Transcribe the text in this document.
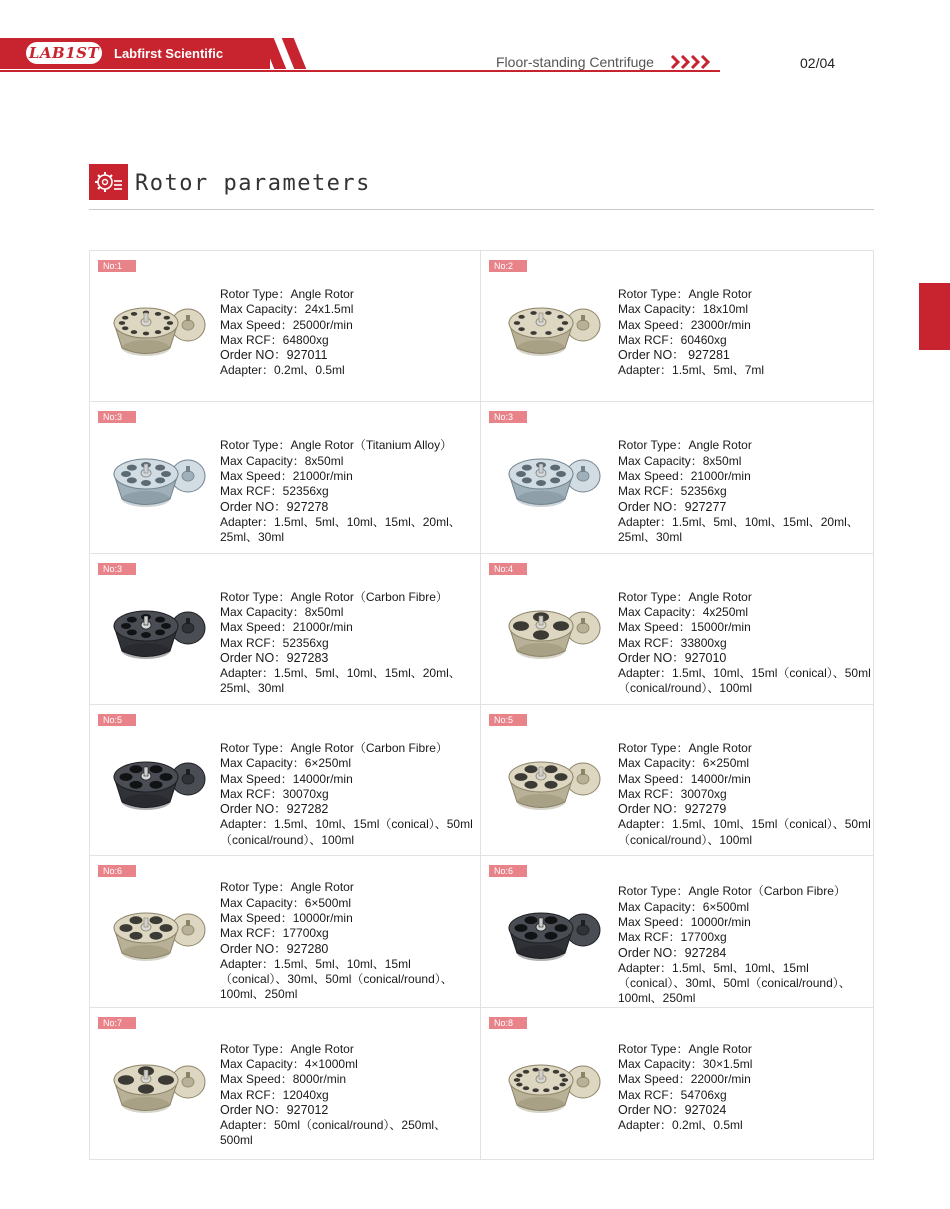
LAB1ST Labfirst Scientific
Floor-standing Centrifuge	02/04
Rotor parameters
No:1
Rotor Type：Angle Rotor
Max Capacity：24x1.5ml
Max Speed：25000r/min
Max RCF：64800xg
Order NO：927011
Adapter：0.2ml、0.5ml
No:2
Rotor Type：Angle Rotor
Max Capacity：18x10ml
Max Speed：23000r/min
Max RCF：60460xg
Order NO： 927281
Adapter：1.5ml、5ml、7ml
No:3
Rotor Type：Angle Rotor（Titanium Alloy）
Max Capacity：8x50ml
Max Speed：21000r/min
Max RCF：52356xg
Order NO：927278
Adapter：1.5ml、5ml、10ml、15ml、20ml、25ml、30ml
No:3
Rotor Type：Angle Rotor
Max Capacity：8x50ml
Max Speed：21000r/min
Max RCF：52356xg
Order NO：927277
Adapter：1.5ml、5ml、10ml、15ml、20ml、25ml、30ml
No:3
Rotor Type：Angle Rotor（Carbon Fibre）
Max Capacity：8x50ml
Max Speed：21000r/min
Max RCF：52356xg
Order NO：927283
Adapter：1.5ml、5ml、10ml、15ml、20ml、25ml、30ml
No:4
Rotor Type：Angle Rotor
Max Capacity：4x250ml
Max Speed：15000r/min
Max RCF：33800xg
Order NO：927010
Adapter：1.5ml、10ml、15ml（conical）、50ml（conical/round）、100ml
No:5
Rotor Type：Angle Rotor（Carbon Fibre）
Max Capacity：6×250ml
Max Speed：14000r/min
Max RCF：30070xg
Order NO：927282
Adapter：1.5ml、10ml、15ml（conical）、50ml（conical/round）、100ml
No:5
Rotor Type：Angle Rotor
Max Capacity：6×250ml
Max Speed：14000r/min
Max RCF：30070xg
Order NO：927279
Adapter：1.5ml、10ml、15ml（conical）、50ml（conical/round）、100ml
No:6
Rotor Type：Angle Rotor
Max Capacity：6×500ml
Max Speed：10000r/min
Max RCF：17700xg
Order NO：927280
Adapter：1.5ml、5ml、10ml、15ml（conical）、30ml、50ml（conical/round）、100ml、250ml
No:6
Rotor Type：Angle Rotor（Carbon Fibre）
Max Capacity：6×500ml
Max Speed：10000r/min
Max RCF：17700xg
Order NO：927284
Adapter：1.5ml、5ml、10ml、15ml（conical）、30ml、50ml（conical/round）、100ml、250ml
No:7
Rotor Type：Angle Rotor
Max Capacity：4×1000ml
Max Speed：8000r/min
Max RCF：12040xg
Order NO：927012
Adapter：50ml（conical/round）、250ml、500ml
No:8
Rotor Type：Angle Rotor
Max Capacity：30×1.5ml
Max Speed：22000r/min
Max RCF：54706xg
Order NO：927024
Adapter：0.2ml、0.5ml
